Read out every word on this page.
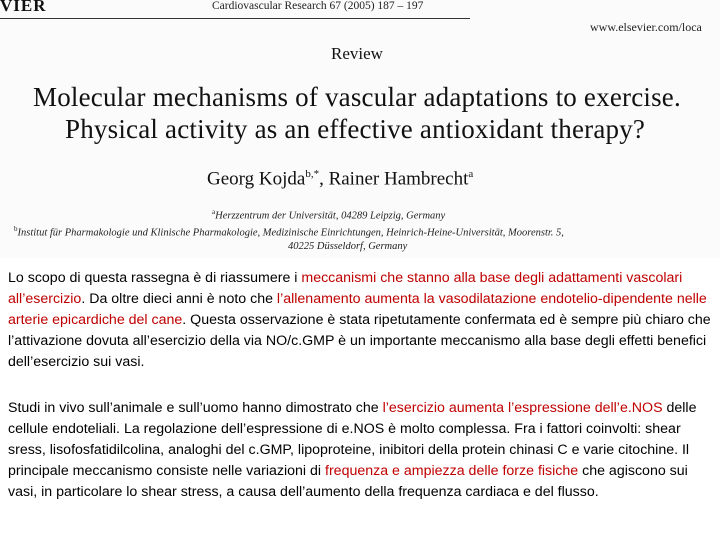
VIER	Cardiovascular Research 67 (2005) 187 – 197
www.elsevier.com/loca
Review
Molecular mechanisms of vascular adaptations to exercise.
Physical activity as an effective antioxidant therapy?
Georg Kojda$^{b,*}$, Rainer Hambrecht$^a$
$^a$Herzzentrum der Universität, 04289 Leipzig, Germany
$^b$Institut für Pharmakologie und Klinische Pharmakologie, Medizinische Einrichtungen, Heinrich-Heine-Universität, Moorenstr. 5,
40225 Düsseldorf, Germany
Lo scopo di questa rassegna è di riassumere i meccanismi che stanno alla base degli adattamenti vascolari all’esercizio. Da oltre dieci anni è noto che l’allenamento aumenta la vasodilatazione endotelio-dipendente nelle arterie epicardiche del cane. Questa osservazione è stata ripetutamente confermata ed è sempre più chiaro che l’attivazione dovuta all’esercizio della via NO/c.GMP è un importante meccanismo alla base degli effetti benefici dell’esercizio sui vasi.
Studi in vivo sull’animale e sull’uomo hanno dimostrato che l’esercizio aumenta l’espressione dell’e.NOS delle cellule endoteliali. La regolazione dell’espressione di e.NOS è molto complessa. Fra i fattori coinvolti: shear sress, lisofosfatidilcolina, analoghi del c.GMP, lipoproteine, inibitori della protein chinasi C e varie citochine. Il principale meccanismo consiste nelle variazioni di frequenza e ampiezza delle forze fisiche che agiscono sui vasi, in particolare lo shear stress, a causa dell’aumento della frequenza cardiaca e del flusso.
